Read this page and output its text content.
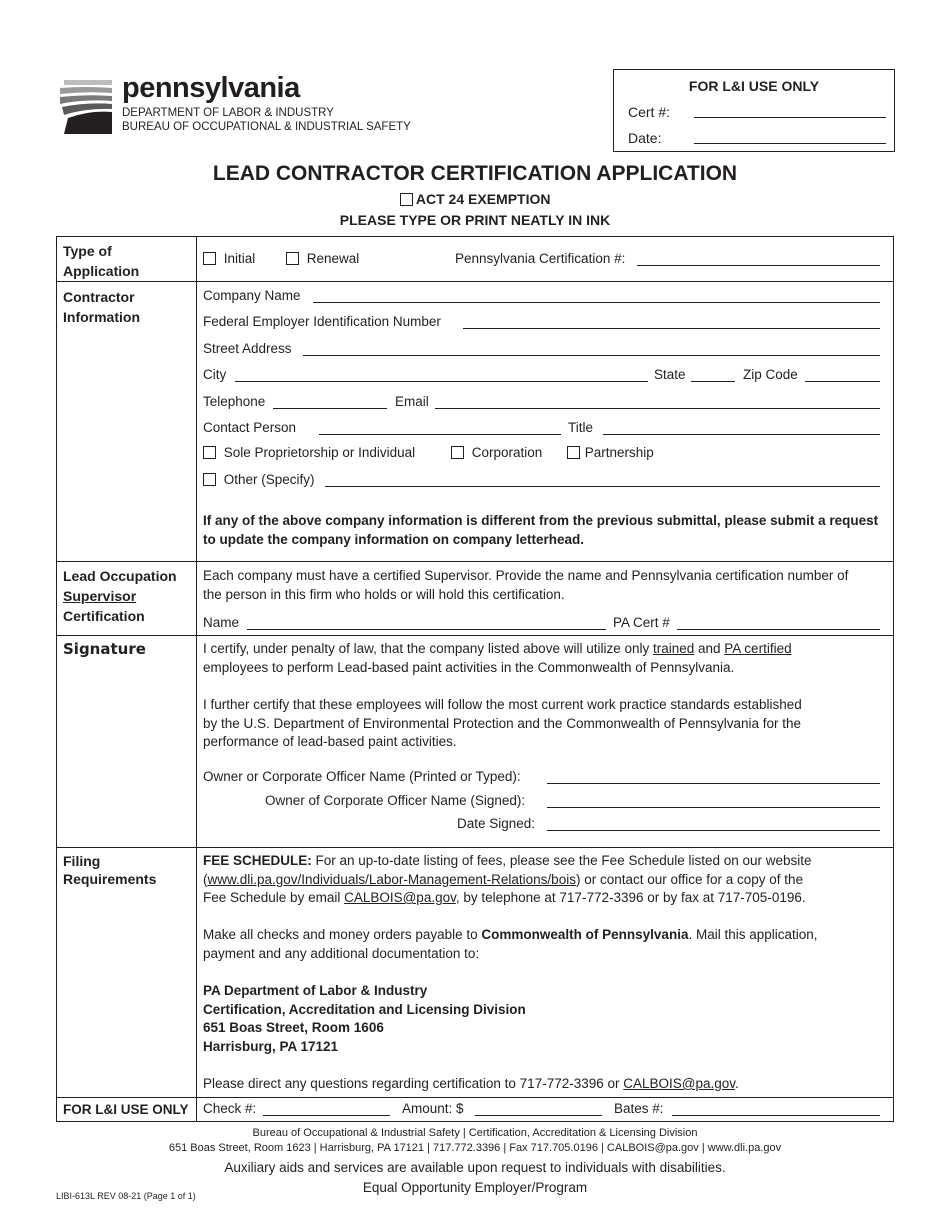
pennsylvania
DEPARTMENT OF LABOR & INDUSTRY
BUREAU OF OCCUPATIONAL & INDUSTRIAL SAFETY
FOR L&I USE ONLY
Cert #:
Date:
LEAD CONTRACTOR CERTIFICATION APPLICATION
ACT 24 EXEMPTION
PLEASE TYPE OR PRINT NEATLY IN INK
Type of
Application
Initial	Renewal	Pennsylvania Certification #:
Contractor
Information
Company Name
Federal Employer Identification Number
Street Address
City	State	Zip Code
Telephone	Email
Contact Person	Title
Sole Proprietorship or Individual	Corporation	Partnership
Other (Specify)
If any of the above company information is different from the previous submittal, please submit a request
to update the company information on company letterhead.
Lead Occupation
Supervisor
Certification
Each company must have a certified Supervisor. Provide the name and Pennsylvania certification number of
the person in this firm who holds or will hold this certification.
Name	PA Cert #
Signature	I certify, under penalty of law, that the company listed above will utilize only trained and PA certified
employees to perform Lead-based paint activities in the Commonwealth of Pennsylvania.
I further certify that these employees will follow the most current work practice standards established
by the U.S. Department of Environmental Protection and the Commonwealth of Pennsylvania for the
performance of lead-based paint activities.
Owner or Corporate Officer Name (Printed or Typed):
Owner of Corporate Officer Name (Signed):
Date Signed:
Filing
Requirements
FEE SCHEDULE: For an up-to-date listing of fees, please see the Fee Schedule listed on our website
(www.dli.pa.gov/Individuals/Labor-Management-Relations/bois) or contact our office for a copy of the
Fee Schedule by email CALBOIS@pa.gov, by telephone at 717-772-3396 or by fax at 717-705-0196.
Make all checks and money orders payable to Commonwealth of Pennsylvania. Mail this application,
payment and any additional documentation to:
PA Department of Labor & Industry
Certification, Accreditation and Licensing Division
651 Boas Street, Room 1606
Harrisburg, PA 17121
Please direct any questions regarding certification to 717-772-3396 or CALBOIS@pa.gov.
FOR L&I USE ONLY Check #:	Amount: $	Bates #:
Bureau of Occupational & Industrial Safety | Certification, Accreditation & Licensing Division
651 Boas Street, Room 1623 | Harrisburg, PA 17121 | 717.772.3396 | Fax 717.705.0196 | CALBOIS@pa.gov | www.dli.pa.gov
Auxiliary aids and services are available upon request to individuals with disabilities.
Equal Opportunity Employer/Program
LIBI-613L REV 08-21 (Page 1 of 1)
